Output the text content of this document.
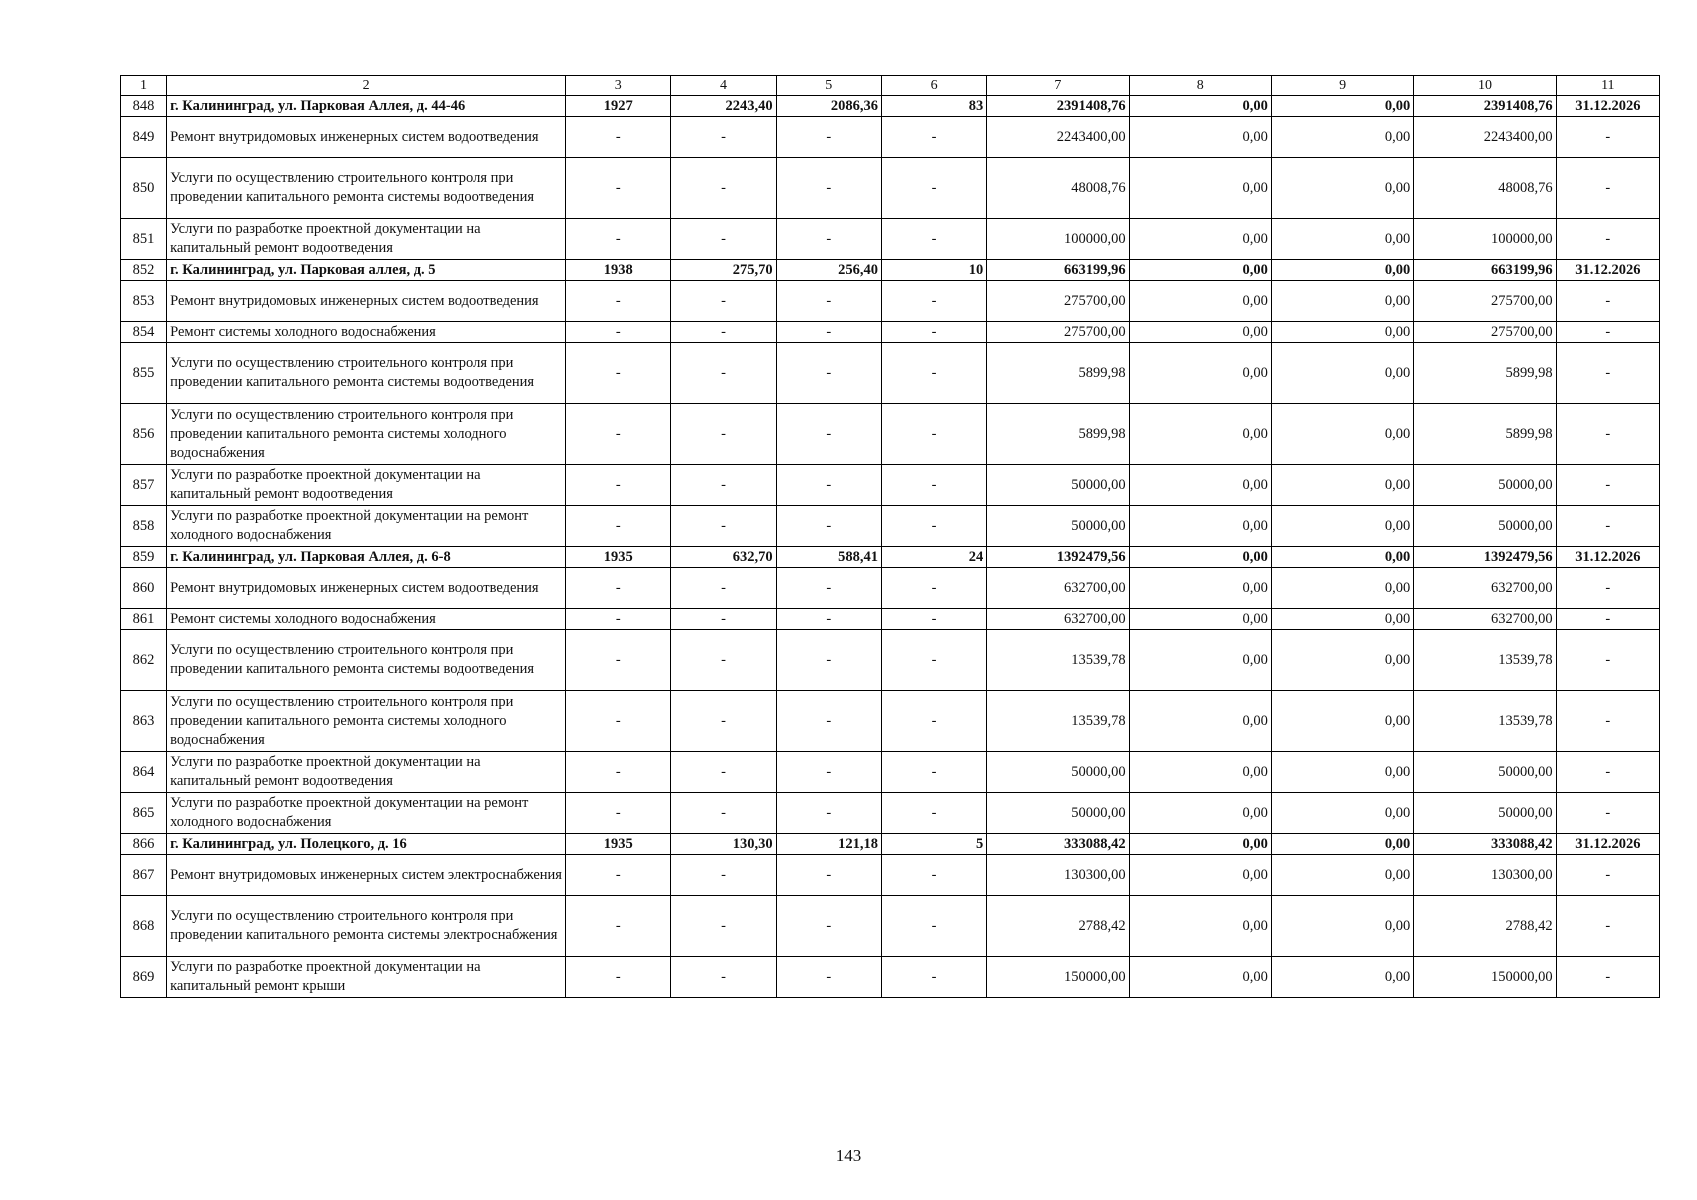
1	2	3	4	5	6	7	8	9	10	11
848	г. Калининград, ул. Парковая Аллея, д. 44-46	1927	2243,40	2086,36	83	2391408,76	0,00	0,00	2391408,76	31.12.2026
849	Ремонт внутридомовых инженерных систем водоотведения	-	-	-	-	2243400,00	0,00	0,00	2243400,00	-
850	Услуги по осуществлению строительного контроля при проведении капитального ремонта системы водоотведения	-	-	-	-	48008,76	0,00	0,00	48008,76	-
851	Услуги по разработке проектной документации на капитальный ремонт водоотведения	-	-	-	-	100000,00	0,00	0,00	100000,00	-
852	г. Калининград, ул. Парковая аллея, д. 5	1938	275,70	256,40	10	663199,96	0,00	0,00	663199,96	31.12.2026
853	Ремонт внутридомовых инженерных систем водоотведения	-	-	-	-	275700,00	0,00	0,00	275700,00	-
854	Ремонт системы холодного водоснабжения	-	-	-	-	275700,00	0,00	0,00	275700,00	-
855	Услуги по осуществлению строительного контроля при проведении капитального ремонта системы водоотведения	-	-	-	-	5899,98	0,00	0,00	5899,98	-
856	Услуги по осуществлению строительного контроля при проведении капитального ремонта системы холодного водоснабжения	-	-	-	-	5899,98	0,00	0,00	5899,98	-
857	Услуги по разработке проектной документации на капитальный ремонт водоотведения	-	-	-	-	50000,00	0,00	0,00	50000,00	-
858	Услуги по разработке проектной документации на ремонт холодного водоснабжения	-	-	-	-	50000,00	0,00	0,00	50000,00	-
859	г. Калининград, ул. Парковая Аллея, д. 6-8	1935	632,70	588,41	24	1392479,56	0,00	0,00	1392479,56	31.12.2026
860	Ремонт внутридомовых инженерных систем водоотведения	-	-	-	-	632700,00	0,00	0,00	632700,00	-
861	Ремонт системы холодного водоснабжения	-	-	-	-	632700,00	0,00	0,00	632700,00	-
862	Услуги по осуществлению строительного контроля при проведении капитального ремонта системы водоотведения	-	-	-	-	13539,78	0,00	0,00	13539,78	-
863	Услуги по осуществлению строительного контроля при проведении капитального ремонта системы холодного водоснабжения	-	-	-	-	13539,78	0,00	0,00	13539,78	-
864	Услуги по разработке проектной документации на капитальный ремонт водоотведения	-	-	-	-	50000,00	0,00	0,00	50000,00	-
865	Услуги по разработке проектной документации на ремонт холодного водоснабжения	-	-	-	-	50000,00	0,00	0,00	50000,00	-
866	г. Калининград, ул. Полецкого, д. 16	1935	130,30	121,18	5	333088,42	0,00	0,00	333088,42	31.12.2026
867	Ремонт внутридомовых инженерных систем электроснабжения	-	-	-	-	130300,00	0,00	0,00	130300,00	-
868	Услуги по осуществлению строительного контроля при проведении капитального ремонта системы электроснабжения	-	-	-	-	2788,42	0,00	0,00	2788,42	-
869	Услуги по разработке проектной документации на капитальный ремонт крыши	-	-	-	-	150000,00	0,00	0,00	150000,00	-
143
